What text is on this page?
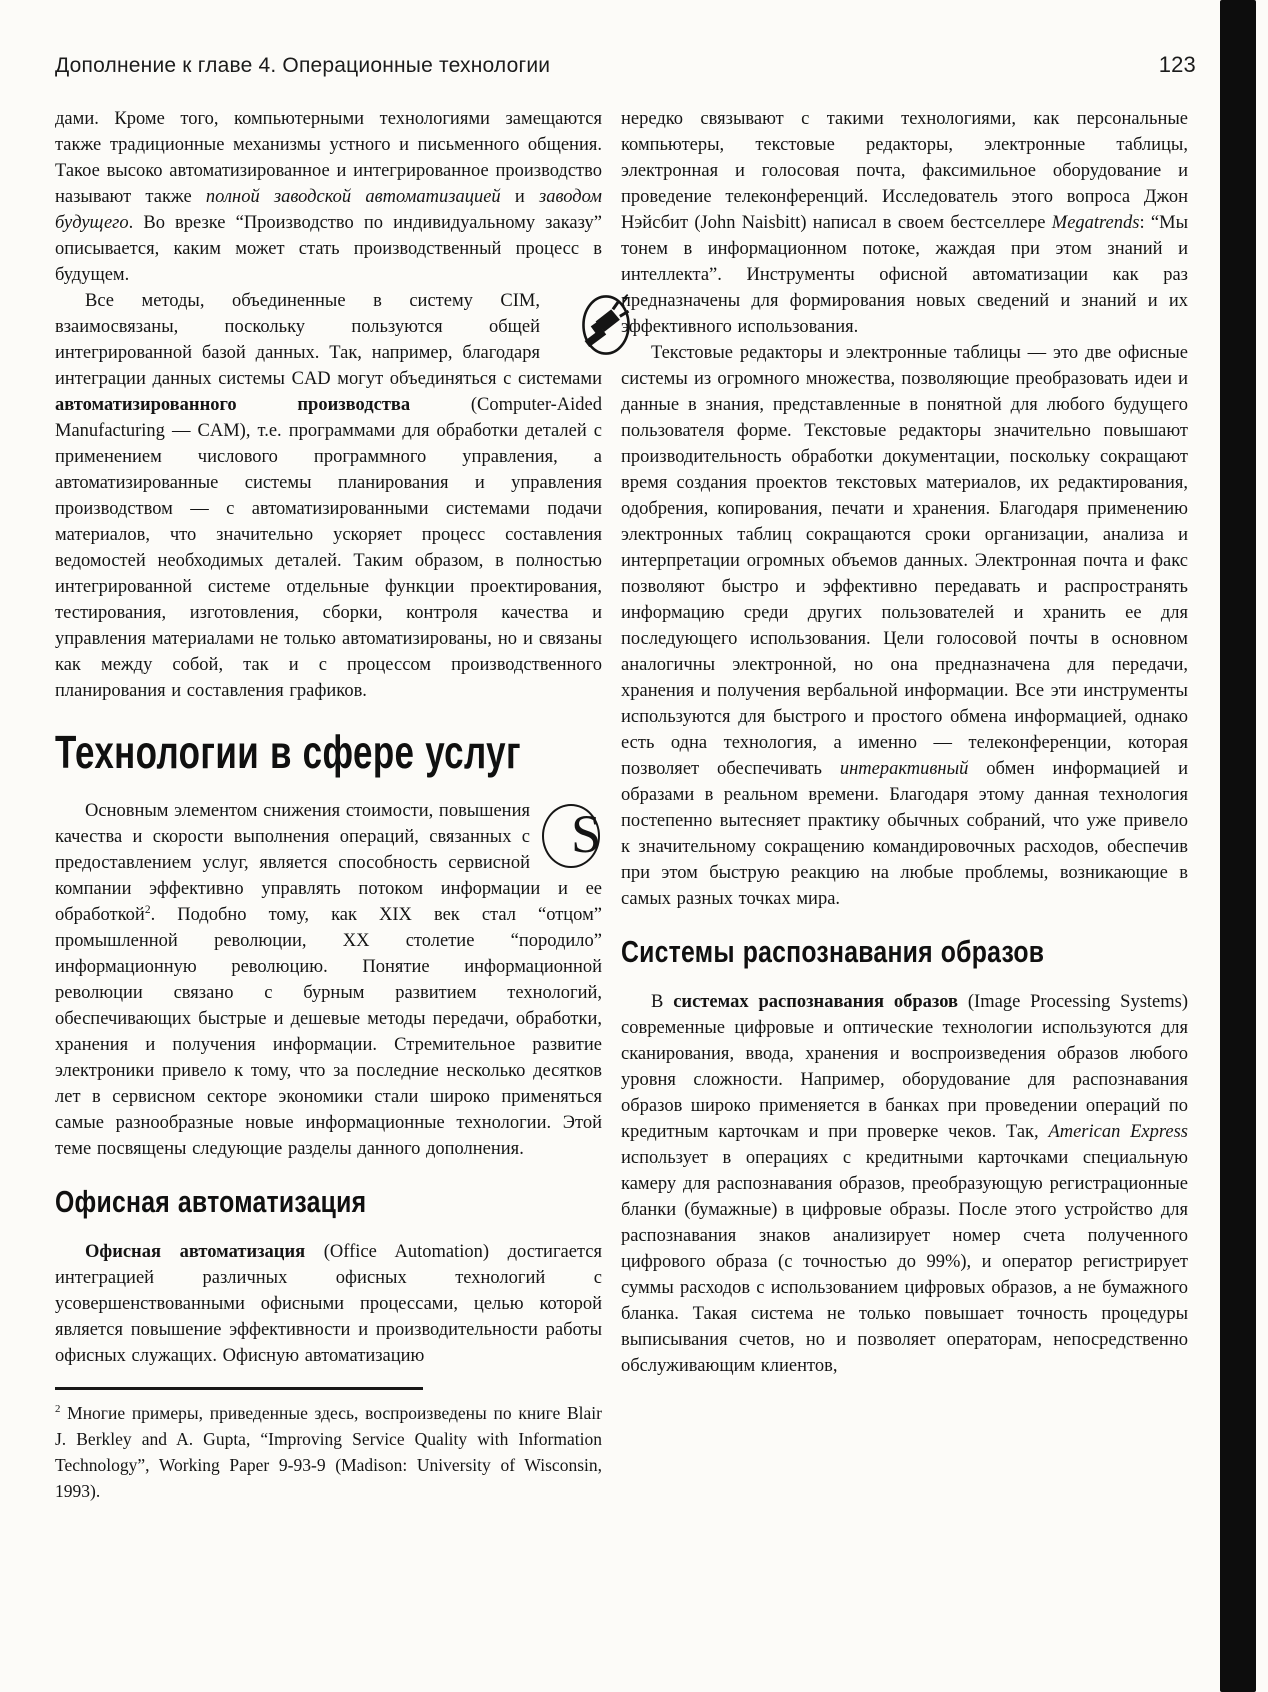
Дополнение к главе 4. Операционные технологии	123

дами. Кроме того, компьютерными технологиями замещаются также традиционные механизмы устного и письменного общения. Такое высоко автоматизированное и интегрированное производство называют также полной заводской автоматизацией и заводом будущего. Во врезке “Производство по индивидуальному заказу” описывается, каким может стать производственный процесс в будущем.

Все методы, объединенные в систему CIM, взаимосвязаны, поскольку пользуются общей интегрированной базой данных. Так, например, благодаря интеграции данных системы CAD могут объединяться с системами автоматизированного производства (Computer-Aided Manufacturing — CAM), т.е. программами для обработки деталей с применением числового программного управления, а автоматизированные системы планирования и управления производством — с автоматизированными системами подачи материалов, что значительно ускоряет процесс составления ведомостей необходимых деталей. Таким образом, в полностью интегрированной системе отдельные функции проектирования, тестирования, изготовления, сборки, контроля качества и управления материалами не только автоматизированы, но и связаны как между собой, так и с процессом производственного планирования и составления графиков.

Технологии в сфере услуг

S
Основным элементом снижения стоимости, повышения качества и скорости выполнения операций, связанных с предоставлением услуг, является способность сервисной компании эффективно управлять потоком информации и ее обработкой$^2$. Подобно тому, как XIX век стал “отцом” промышленной революции, XX столетие “породило” информационную революцию. Понятие информационной революции связано с бурным развитием технологий, обеспечивающих быстрые и дешевые методы передачи, обработки, хранения и получения информации. Стремительное развитие электроники привело к тому, что за последние несколько десятков лет в сервисном секторе экономики стали широко применяться самые разнообразные новые информационные технологии. Этой теме посвящены следующие разделы данного дополнения.

Офисная автоматизация

Офисная автоматизация (Office Automation) достигается интеграцией различных офисных технологий с усовершенствованными офисными процессами, целью которой является повышение эффективности и производительности работы офисных служащих. Офисную автоматизацию

$^2$ Многие примеры, приведенные здесь, воспроизведены по книге Blair J. Berkley and A. Gupta, “Improving Service Quality with Information Technology”, Working Paper 9-93-9 (Madison: University of Wisconsin, 1993).

нередко связывают с такими технологиями, как персональные компьютеры, текстовые редакторы, электронные таблицы, электронная и голосовая почта, факсимильное оборудование и проведение телеконференций. Исследователь этого вопроса Джон Нэйсбит (John Naisbitt) написал в своем бестселлере Megatrends: “Мы тонем в информационном потоке, жаждая при этом знаний и интеллекта”. Инструменты офисной автоматизации как раз предназначены для формирования новых сведений и знаний и их эффективного использования.

Текстовые редакторы и электронные таблицы — это две офисные системы из огромного множества, позволяющие преобразовать идеи и данные в знания, представленные в понятной для любого будущего пользователя форме. Текстовые редакторы значительно повышают производительность обработки документации, поскольку сокращают время создания проектов текстовых материалов, их редактирования, одобрения, копирования, печати и хранения. Благодаря применению электронных таблиц сокращаются сроки организации, анализа и интерпретации огромных объемов данных. Электронная почта и факс позволяют быстро и эффективно передавать и распространять информацию среди других пользователей и хранить ее для последующего использования. Цели голосовой почты в основном аналогичны электронной, но она предназначена для передачи, хранения и получения вербальной информации. Все эти инструменты используются для быстрого и простого обмена информацией, однако есть одна технология, а именно — телеконференции, которая позволяет обеспечивать интерактивный обмен информацией и образами в реальном времени. Благодаря этому данная технология постепенно вытесняет практику обычных собраний, что уже привело к значительному сокращению командировочных расходов, обеспечив при этом быструю реакцию на любые проблемы, возникающие в самых разных точках мира.

Системы распознавания образов

В системах распознавания образов (Image Processing Systems) современные цифровые и оптические технологии используются для сканирования, ввода, хранения и воспроизведения образов любого уровня сложности. Например, оборудование для распознавания образов широко применяется в банках при проведении операций по кредитным карточкам и при проверке чеков. Так, American Express использует в операциях с кредитными карточками специальную камеру для распознавания образов, преобразующую регистрационные бланки (бумажные) в цифровые образы. После этого устройство для распознавания знаков анализирует номер счета полученного цифрового образа (с точностью до 99%), и оператор регистрирует суммы расходов с использованием цифровых образов, а не бумажного бланка. Такая система не только повышает точность процедуры выписывания счетов, но и позволяет операторам, непосредственно обслуживающим клиентов,
